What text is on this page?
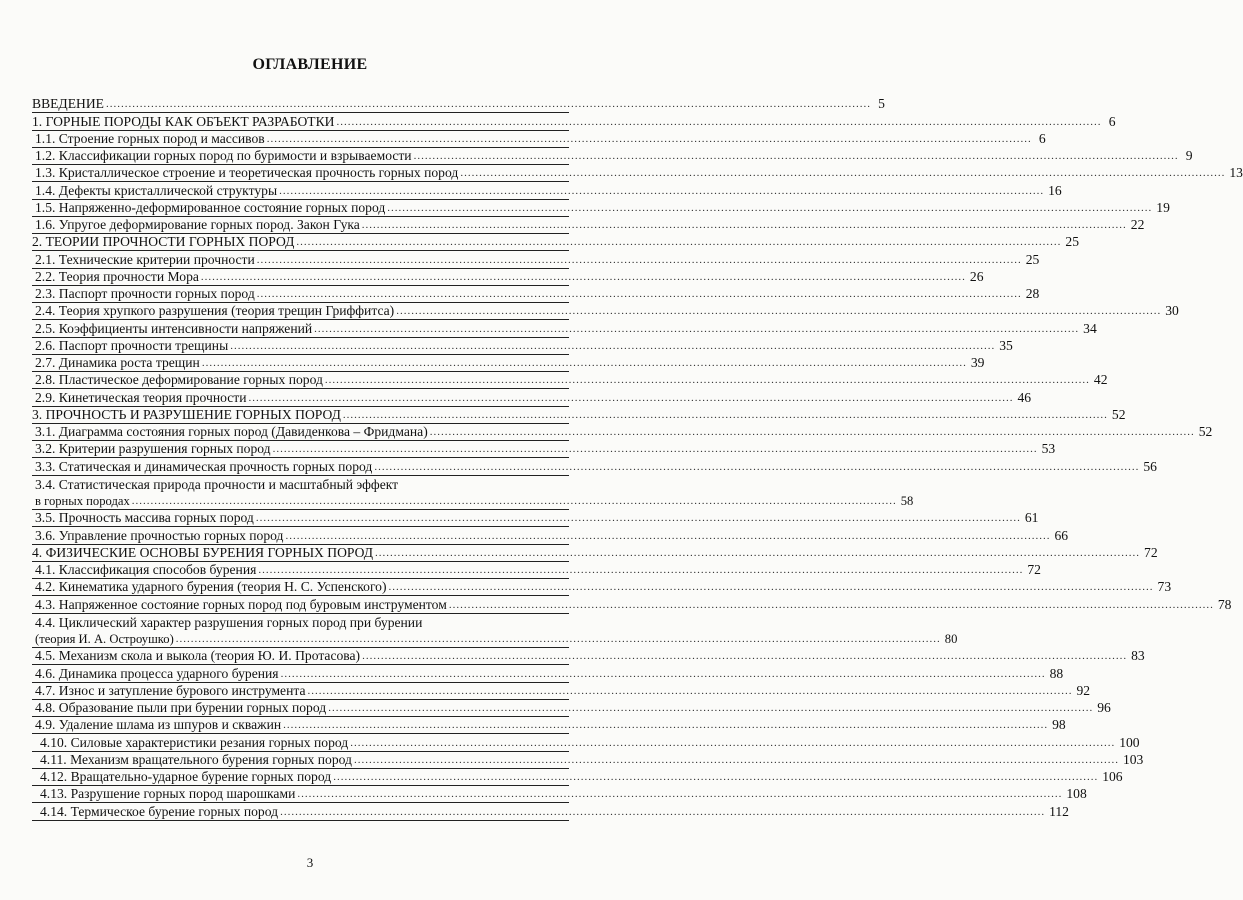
ОГЛАВЛЕНИЕ
ВВЕДЕНИЕ .....	5
1. ГОРНЫЕ ПОРОДЫ КАК ОБЪЕКТ РАЗРАБОТКИ .....	6
1.1. Строение горных пород и массивов .....	6
1.2. Классификации горных пород по буримости и взрываемости .....	9
1.3. Кристаллическое строение и теоретическая прочность горных пород .....	13
1.4. Дефекты кристаллической структуры .....	16
1.5. Напряженно-деформированное состояние горных пород .....	19
1.6. Упругое деформирование горных пород. Закон Гука .....	22
2. ТЕОРИИ ПРОЧНОСТИ ГОРНЫХ ПОРОД .....	25
2.1. Технические критерии прочности .....	25
2.2. Теория прочности Мора .....	26
2.3. Паспорт прочности горных пород .....	28
2.4. Теория хрупкого разрушения (теория трещин Гриффитса) .....	30
2.5. Коэффициенты интенсивности напряжений .....	34
2.6. Паспорт прочности трещины .....	35
2.7. Динамика роста трещин .....	39
2.8. Пластическое деформирование горных пород .....	42
2.9. Кинетическая теория прочности .....	46
3. ПРОЧНОСТЬ И РАЗРУШЕНИЕ ГОРНЫХ ПОРОД .....	52
3.1. Диаграмма состояния горных пород (Давиденкова – Фридмана) .....	52
3.2. Критерии разрушения горных пород .....	53
3.3. Статическая и динамическая прочность горных пород .....	56
3.4. Статистическая природа прочности и масштабный эффект
в горных породах .....	58
3.5. Прочность массива горных пород .....	61
3.6. Управление прочностью горных пород .....	66
4. ФИЗИЧЕСКИЕ ОСНОВЫ БУРЕНИЯ ГОРНЫХ ПОРОД .....	72
4.1. Классификация способов бурения .....	72
4.2. Кинематика ударного бурения (теория Н. С. Успенского) .....	73
4.3. Напряженное состояние горных пород под буровым инструментом .....	78
4.4. Циклический характер разрушения горных пород при бурении
(теория И. А. Остроушко) .....	80
4.5. Механизм скола и выкола (теория Ю. И. Протасова) .....	83
4.6. Динамика процесса ударного бурения .....	88
4.7. Износ и затупление бурового инструмента .....	92
4.8. Образование пыли при бурении горных пород .....	96
4.9. Удаление шлама из шпуров и скважин .....	98
4.10. Силовые характеристики резания горных пород .....	100
4.11. Механизм вращательного бурения горных пород .....	103
4.12. Вращательно-ударное бурение горных пород .....	106
4.13. Разрушение горных пород шарошками .....	108
4.14. Термическое бурение горных пород .....	112
3
